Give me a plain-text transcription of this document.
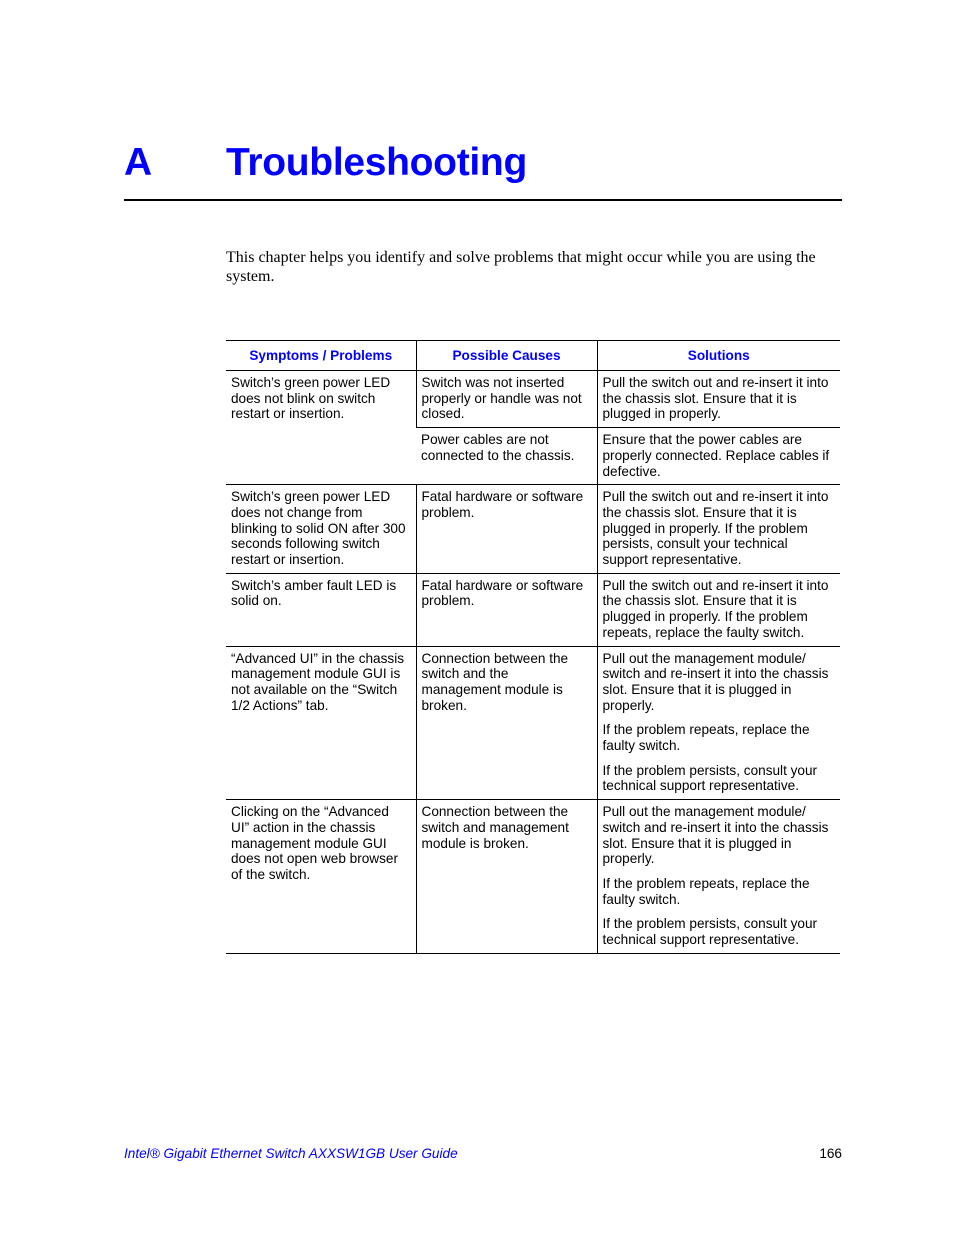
A Troubleshooting
This chapter helps you identify and solve problems that might occur while you are using the system.
Symptoms / Problems	Possible Causes	Solutions
Switch’s green power LED does not blink on switch restart or insertion.	Switch was not inserted properly or handle was not closed.	Pull the switch out and re-insert it into the chassis slot. Ensure that it is plugged in properly.

	Power cables are not connected to the chassis.	Ensure that the power cables are properly connected. Replace cables if defective.

Switch’s green power LED does not change from blinking to solid ON after 300 seconds following switch restart or insertion.	Fatal hardware or software problem.	Pull the switch out and re-insert it into the chassis slot. Ensure that it is plugged in properly. If the problem persists, consult your technical support representative.

Switch’s amber fault LED is solid on.	Fatal hardware or software problem.	Pull the switch out and re-insert it into the chassis slot. Ensure that it is plugged in properly. If the problem repeats, replace the faulty switch.

“Advanced UI” in the chassis management module GUI is not available on the “Switch 1/2 Actions” tab.	Connection between the switch and the management module is broken.	Pull out the management module/ switch and re-insert it into the chassis slot. Ensure that it is plugged in properly.
If the problem repeats, replace the faulty switch.
If the problem persists, consult your technical support representative.

Clicking on the “Advanced UI” action in the chassis management module GUI does not open web browser of the switch.	Connection between the switch and management module is broken.	Pull out the management module/ switch and re-insert it into the chassis slot. Ensure that it is plugged in properly.
If the problem repeats, replace the faulty switch.
If the problem persists, consult your technical support representative.
Intel® Gigabit Ethernet Switch AXXSW1GB User Guide	166
